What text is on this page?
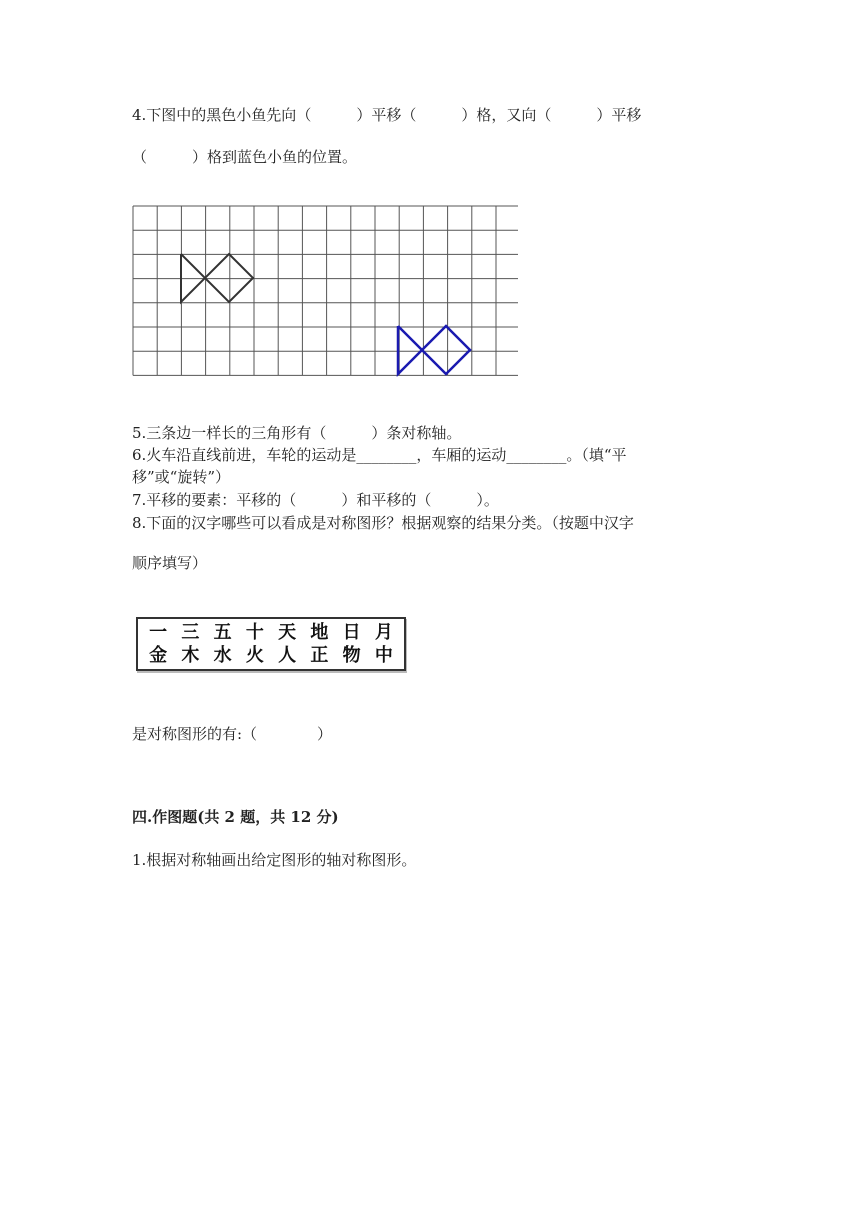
4.下图中的黑色小鱼先向（　　　）平移（　　　）格，又向（　　　）平移
（　　　）格到蓝色小鱼的位置。
5.三条边一样长的三角形有（　　　）条对称轴。
6.火车沿直线前进，车轮的运动是________，车厢的运动________。（填“平
移”或“旋转”）
7.平移的要素：平移的（　　　）和平移的（　　　）。
8.下面的汉字哪些可以看成是对称图形？根据观察的结果分类。（按题中汉字
顺序填写）
一 三 五 十 天 地 日 月
金 木 水 火 人 正 物 中
是对称图形的有:（　　　　）
四.作图题(共 2 题，共 12 分)
1.根据对称轴画出给定图形的轴对称图形。
